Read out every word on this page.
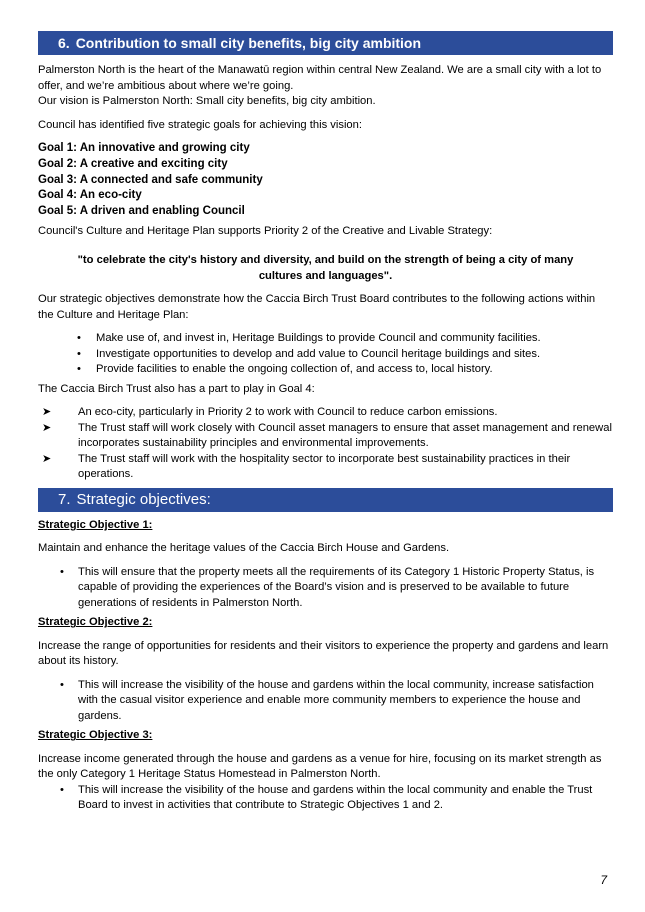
6. Contribution to small city benefits, big city ambition

Palmerston North is the heart of the Manawatū region within central New Zealand. We are a small city with a lot to offer, and we’re ambitious about where we’re going.

Our vision is Palmerston North: Small city benefits, big city ambition.

Council has identified five strategic goals for achieving this vision:

Goal 1: An innovative and growing city
Goal 2: A creative and exciting city
Goal 3: A connected and safe community
Goal 4: An eco-city
Goal 5: A driven and enabling Council

Council's Culture and Heritage Plan supports Priority 2 of the Creative and Livable Strategy:

"to celebrate the city's history and diversity, and build on the strength of being a city of many cultures and languages".

Our strategic objectives demonstrate how the Caccia Birch Trust Board contributes to the following actions within the Culture and Heritage Plan:

• Make use of, and invest in, Heritage Buildings to provide Council and community facilities.
• Investigate opportunities to develop and add value to Council heritage buildings and sites.
• Provide facilities to enable the ongoing collection of, and access to, local history.

The Caccia Birch Trust also has a part to play in Goal 4:

➤ An eco-city, particularly in Priority 2 to work with Council to reduce carbon emissions.
➤ The Trust staff will work closely with Council asset managers to ensure that asset management and renewal incorporates sustainability principles and environmental improvements.
➤ The Trust staff will work with the hospitality sector to incorporate best sustainability practices in their operations.
7. Strategic objectives:

Strategic Objective 1:

Maintain and enhance the heritage values of the Caccia Birch House and Gardens.

• This will ensure that the property meets all the requirements of its Category 1 Historic Property Status, is capable of providing the experiences of the Board’s vision and is preserved to be available to future generations of residents in Palmerston North.

Strategic Objective 2:

Increase the range of opportunities for residents and their visitors to experience the property and gardens and learn about its history.

• This will increase the visibility of the house and gardens within the local community, increase satisfaction with the casual visitor experience and enable more community members to experience the house and gardens.

Strategic Objective 3:

Increase income generated through the house and gardens as a venue for hire, focusing on its market strength as the only Category 1 Heritage Status Homestead in Palmerston North.

• This will increase the visibility of the house and gardens within the local community and enable the Trust Board to invest in activities that contribute to Strategic Objectives 1 and 2.
7
